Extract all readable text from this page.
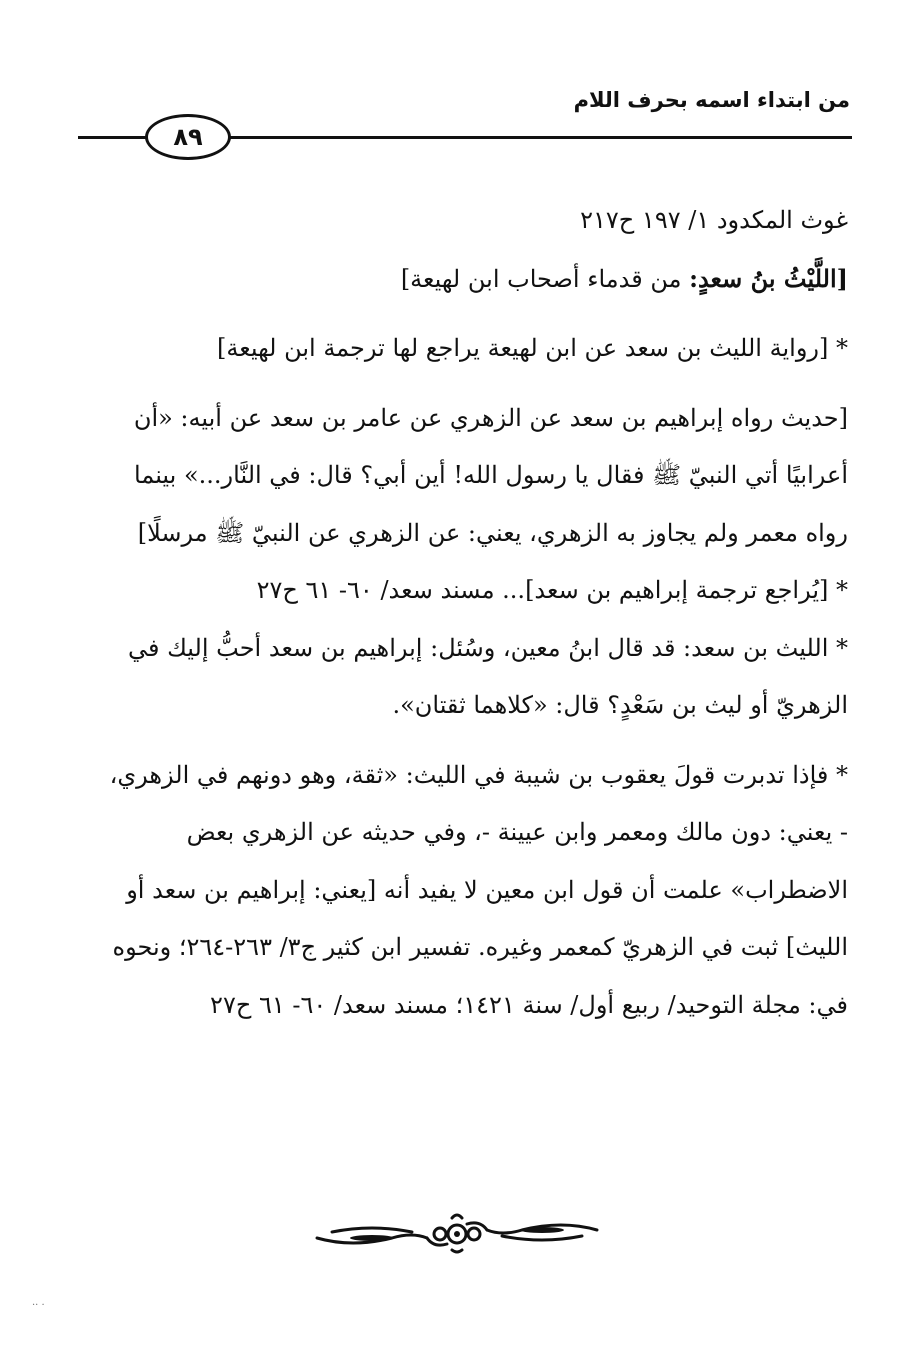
من ابتداء اسمه بحرف اللام
٨٩
غوث المكدود ١/ ١٩٧ ح٢١٧
[اللَّيْثُ بنُ سعدٍ: من قدماء أصحاب ابن لهيعة]
* [رواية الليث بن سعد عن ابن لهيعة يراجع لها ترجمة ابن لهيعة]
[حديث رواه إبراهيم بن سعد عن الزهري عن عامر بن سعد عن أبيه: «أن
أعرابيًا أتي النبيّ ﷺ فقال يا رسول الله! أين أبي؟ قال: في النَّار...» بينما
رواه معمر ولم يجاوز به الزهري، يعني: عن الزهري عن النبيّ ﷺ مرسلًا]
* [يُراجع ترجمة إبراهيم بن سعد]... مسند سعد/ ٦٠- ٦١ ح٢٧
* الليث بن سعد: قد قال ابنُ معين، وسُئل: إبراهيم بن سعد أحبُّ إليك في
الزهريّ أو ليث بن سَعْدٍ؟ قال: «كلاهما ثقتان».
* فإذا تدبرت قولَ يعقوب بن شيبة في الليث: «ثقة، وهو دونهم في الزهري،
- يعني: دون مالك ومعمر وابن عيينة -، وفي حديثه عن الزهري بعض
الاضطراب» علمت أن قول ابن معين لا يفيد أنه [يعني: إبراهيم بن سعد أو
الليث] ثبت في الزهريّ كمعمر وغيره. تفسير ابن كثير ج٣/ ٢٦٣-٢٦٤؛ ونحوه
في: مجلة التوحيد/ ربيع أول/ سنة ١٤٢١؛ مسند سعد/ ٦٠- ٦١ ح٢٧
·· ·
